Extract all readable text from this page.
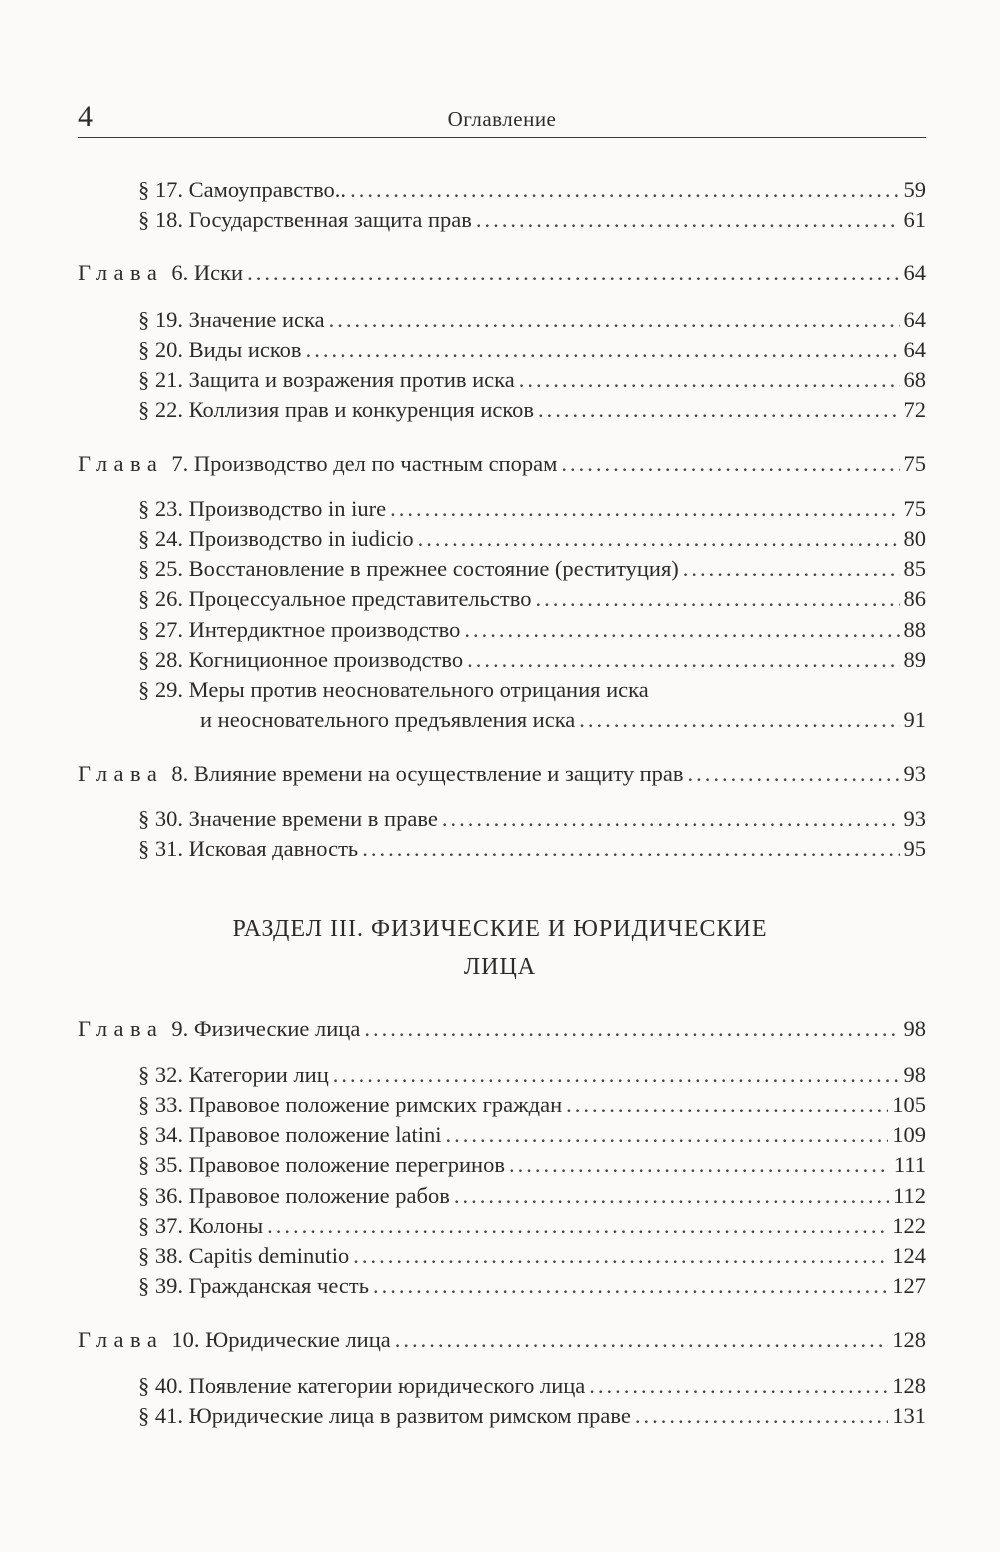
4	Оглавление
§ 17. Самоуправство.. .....	59
§ 18. Государственная защита прав .....	61
Глава 6. Иски .....	64
§ 19. Значение иска .....	64
§ 20. Виды исков .....	64
§ 21. Защита и возражения против иска .....	68
§ 22. Коллизия прав и конкуренция исков .....	72
Глава 7. Производство дел по частным спорам .....	75
§ 23. Производство in iure .....	75
§ 24. Производство in iudicio .....	80
§ 25. Восстановление в прежнее состояние (реституция) .....	85
§ 26. Процессуальное представительство .....	86
§ 27. Интердиктное производство .....	88
§ 28. Когниционное производство .....	89
§ 29. Меры против неосновательного отрицания иска
и неосновательного предъявления иска .....	91
Глава 8. Влияние времени на осуществление и защиту прав .....	93
§ 30. Значение времени в праве .....	93
§ 31. Исковая давность .....	95
РАЗДЕЛ III. ФИЗИЧЕСКИЕ И ЮРИДИЧЕСКИЕ
ЛИЦА
Глава 9. Физические лица .....	98
§ 32. Категории лиц .....	98
§ 33. Правовое положение римских граждан .....	105
§ 34. Правовое положение latini .....	109
§ 35. Правовое положение перегринов .....	111
§ 36. Правовое положение рабов .....	112
§ 37. Колоны .....	122
§ 38. Capitis deminutio .....	124
§ 39. Гражданская честь .....	127
Глава 10. Юридические лица .....	128
§ 40. Появление категории юридического лица .....	128
§ 41. Юридические лица в развитом римском праве .....	131
